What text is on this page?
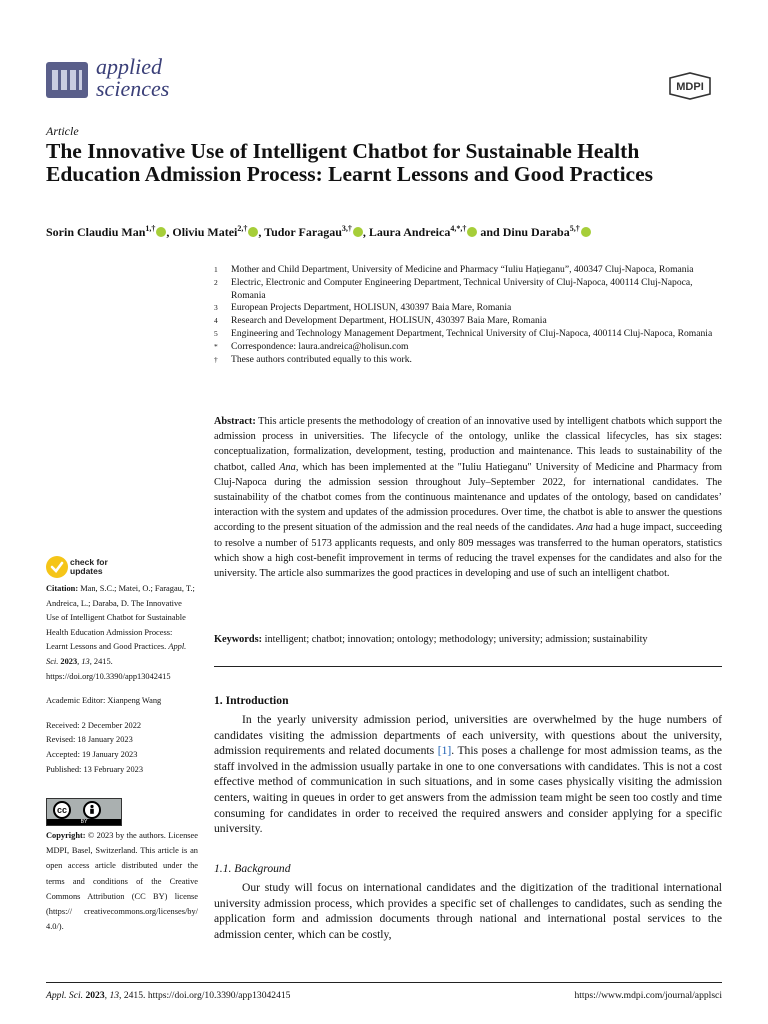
applied
sciences	MDPI
Article
The Innovative Use of Intelligent Chatbot for Sustainable Health Education Admission Process: Learnt Lessons and Good Practices
Sorin Claudiu Man$^{1,\dagger}$ , Oliviu Matei$^{2,\dagger}$ , Tudor Faragau$^{3,\dagger}$ , Laura Andreica$^{4,*,\dagger}$ and Dinu Daraba$^{5,\dagger}$
1	Mother and Child Department, University of Medicine and Pharmacy “Iuliu Hațieganu”, 400347 Cluj-Napoca, Romania
2	Electric, Electronic and Computer Engineering Department, Technical University of Cluj-Napoca, 400114 Cluj-Napoca, Romania
3	European Projects Department, HOLISUN, 430397 Baia Mare, Romania
4	Research and Development Department, HOLISUN, 430397 Baia Mare, Romania
5	Engineering and Technology Management Department, Technical University of Cluj-Napoca, 400114 Cluj-Napoca, Romania
*	Correspondence: laura.andreica@holisun.com
†	These authors contributed equally to this work.
Abstract: This article presents the methodology of creation of an innovative used by intelligent chatbots which support the admission process in universities. The lifecycle of the ontology, unlike the classical lifecycles, has six stages: conceptualization, formalization, development, testing, production and maintenance. This leads to sustainability of the chatbot, called Ana, which has been implemented at the "Iuliu Hatieganu" University of Medicine and Pharmacy from Cluj-Napoca during the admission session throughout July–September 2022, for international candidates. The sustainability of the chatbot comes from the continuous maintenance and updates of the ontology, based on candidates’ interaction with the system and updates of the admission procedures. Over time, the chatbot is able to answer the questions according to the present situation of the admission and the real needs of the candidates. Ana had a huge impact, succeeding to resolve a number of 5173 applicants requests, and only 809 messages was transferred to the human operators, statistics which show a high cost-benefit improvement in terms of reducing the travel expenses for the candidates and also for the university. The article also summarizes the good practices in developing and use of such an intelligent chatbot.
Keywords: intelligent; chatbot; innovation; ontology; methodology; university; admission; sustainability
check for
updates

Citation: Man, S.C.; Matei, O.; Faragau, T.; Andreica, L.; Daraba, D. The Innovative Use of Intelligent Chatbot for Sustainable Health Education Admission Process: Learnt Lessons and Good Practices. Appl. Sci. 2023, 13, 2415. https://doi.org/10.3390/app13042415

Academic Editor: Xianpeng Wang

Received: 2 December 2022

Revised: 18 January 2023

Accepted: 19 January 2023

Published: 13 February 2023

cc
BY
Copyright: © 2023 by the authors. Licensee MDPI, Basel, Switzerland. This article is an open access article distributed under the terms and conditions of the Creative Commons Attribution (CC BY) license (https:// creativecommons.org/licenses/by/ 4.0/).
1. Introduction
In the yearly university admission period, universities are overwhelmed by the huge numbers of candidates visiting the admission departments of each university, with questions about the university, admission requirements and related documents [1]. This poses a challenge for most admission teams, as the staff involved in the admission usually partake in one to one conversations with candidates. This is not a cost effective method of communication in such situations, and in some cases physically visiting the admission centers, waiting in queues in order to get answers from the admission team might be seen too costly and time consuming for candidates in order to received the required answers and consider applying for a specific university.
1.1. Background
Our study will focus on international candidates and the digitization of the traditional international university admission process, which provides a specific set of challenges to candidates, such as sending the application form and admission documents through national and international postal services to the admission center, which can be costly,
Appl. Sci. 2023, 13, 2415. https://doi.org/10.3390/app13042415	https://www.mdpi.com/journal/applsci
